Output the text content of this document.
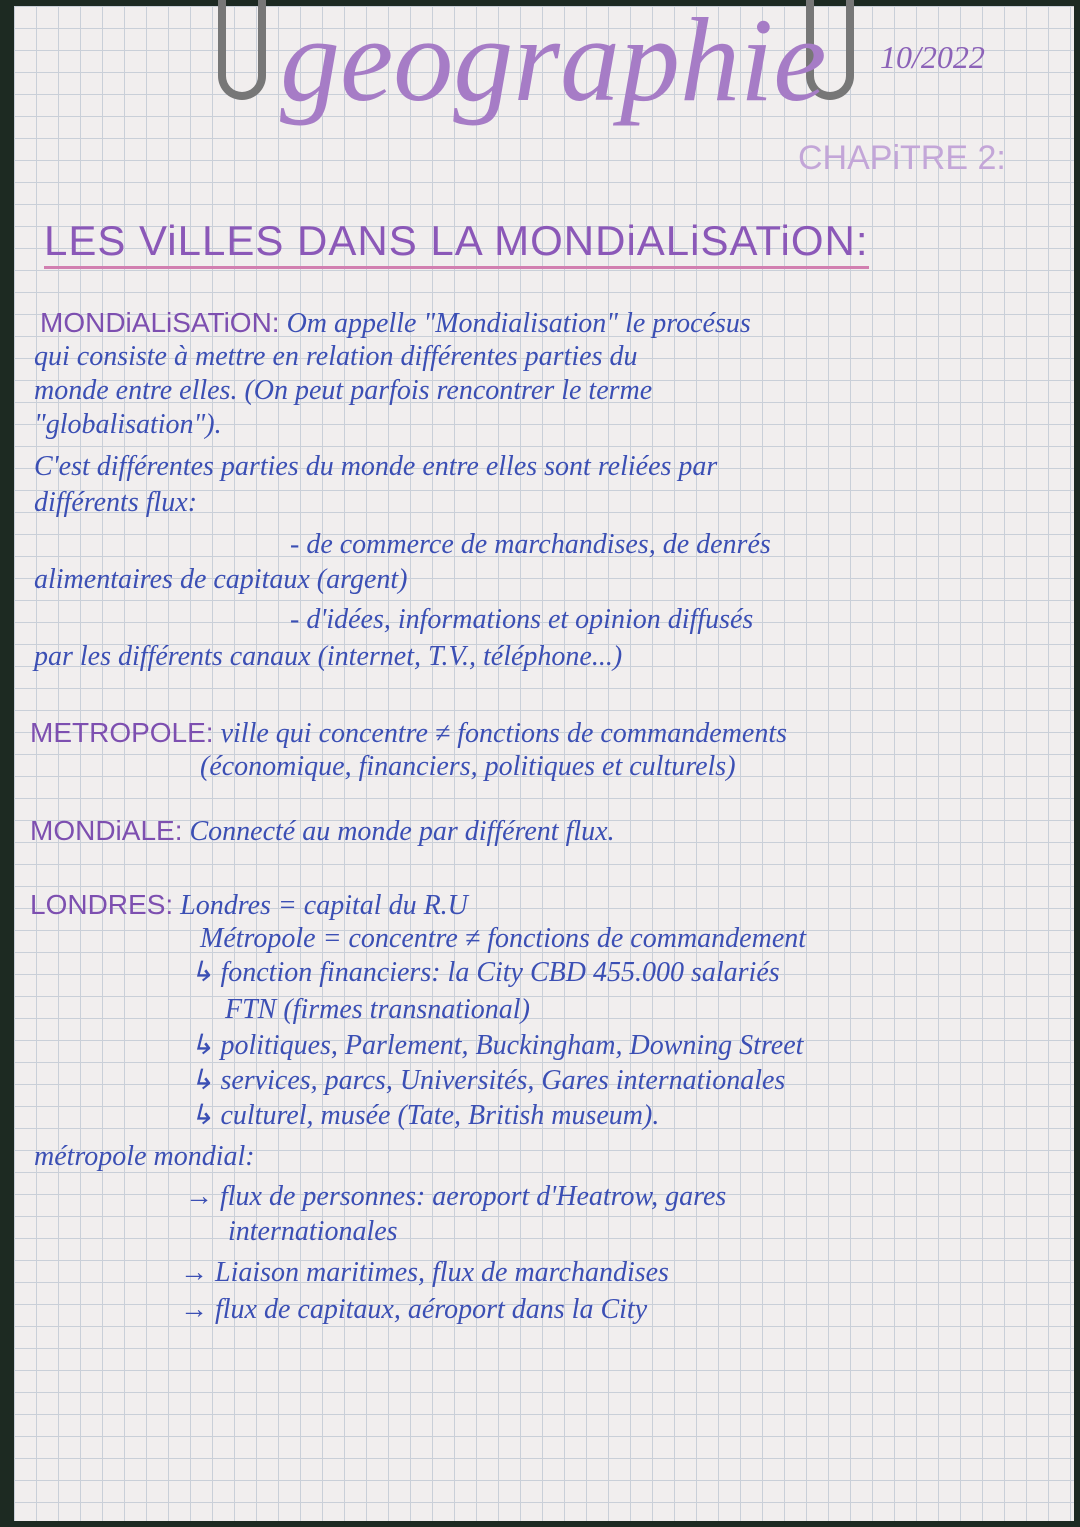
geographie 10/2022
CHAPiTRE 2:
LES ViLLES DANS LA MONDiALiSATiON:
MONDiALiSATiON: Om appelle "Mondialisation" le procésus
qui consiste à mettre en relation différentes parties du
monde entre elles. (On peut parfois rencontrer le terme
"globalisation").
C'est différentes parties du monde entre elles sont reliées par
différents flux:
- de commerce de marchandises, de denrés
alimentaires de capitaux (argent)
- d'idées, informations et opinion diffusés
par les différents canaux (internet, T.V., téléphone...)
METROPOLE: ville qui concentre ≠ fonctions de commandements
(économique, financiers, politiques et culturels)
MONDiALE: Connecté au monde par différent flux.
LONDRES: Londres = capital du R.U
Métropole = concentre ≠ fonctions de commandement
↳ fonction financiers: la City CBD 455.000 salariés
FTN (firmes transnational)
↳ politiques, Parlement, Buckingham, Downing Street
↳ services, parcs, Universités, Gares internationales
↳ culturel, musée (Tate, British museum).
métropole mondial:
→ flux de personnes: aeroport d'Heatrow, gares
internationales
→ Liaison maritimes, flux de marchandises
→ flux de capitaux, aéroport dans la City
